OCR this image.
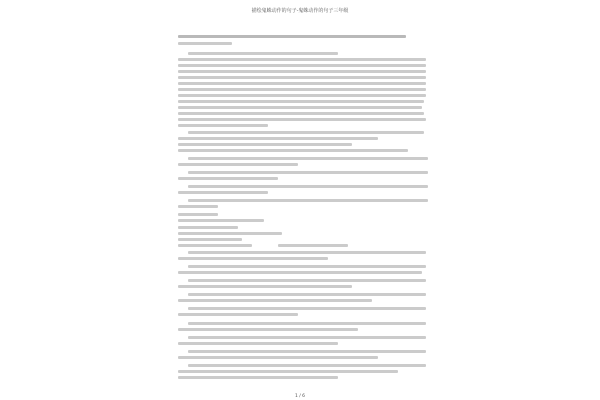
描绘鬼蛛动作的句子-鬼蛛动作的句子三年级
1 / 6
